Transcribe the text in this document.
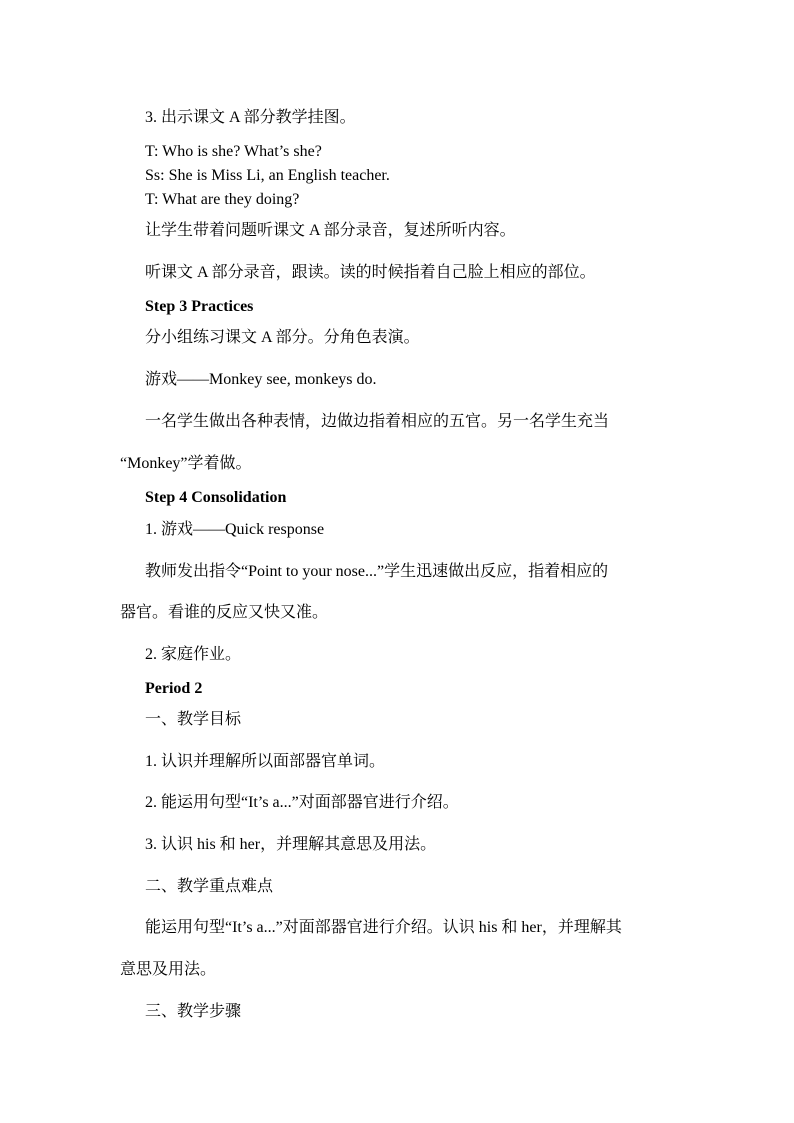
3. 出示课文 A 部分教学挂图。
T: Who is she? What’s she?
Ss: She is Miss Li, an English teacher.
T: What are they doing?
让学生带着问题听课文 A 部分录音，复述所听内容。
听课文 A 部分录音，跟读。读的时候指着自己脸上相应的部位。
Step 3 Practices
分小组练习课文 A 部分。分角色表演。
游戏——Monkey see, monkeys do.
一名学生做出各种表情，边做边指着相应的五官。另一名学生充当
“Monkey”学着做。
Step 4 Consolidation
1. 游戏——Quick response
教师发出指令“Point to your nose...”学生迅速做出反应，指着相应的
器官。看谁的反应又快又准。
2. 家庭作业。
Period 2
一、教学目标
1. 认识并理解所以面部器官单词。
2. 能运用句型“It’s a...”对面部器官进行介绍。
3. 认识 his 和 her，并理解其意思及用法。
二、教学重点难点
能运用句型“It’s a...”对面部器官进行介绍。认识 his 和 her，并理解其
意思及用法。
三、教学步骤
